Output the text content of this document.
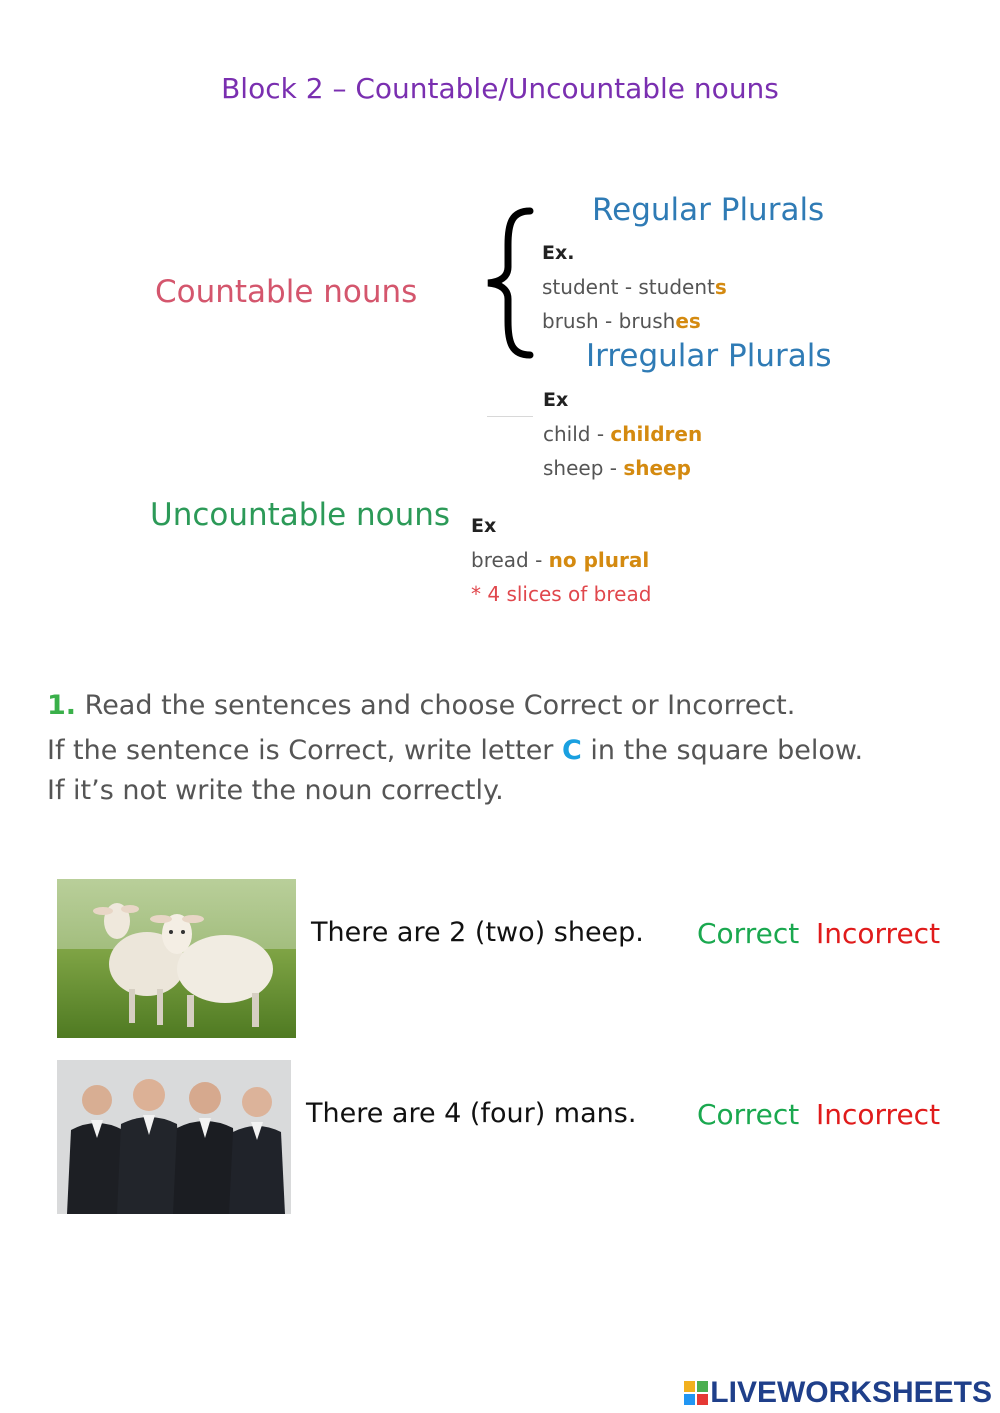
Block 2 – Countable/Uncountable nouns
Countable nouns
Regular Plurals
Ex.
student - students
brush - brushes
Irregular Plurals
Ex
child - children
sheep - sheep
Uncountable nouns Ex
bread - no plural
* 4 slices of bread
1. Read the sentences and choose Correct or Incorrect.
If the sentence is Correct, write letter C in the square below.
If it’s not write the noun correctly.
There are 2 (two) sheep. Correct Incorrect
There are 4 (four) mans. Correct Incorrect
LIVEWORKSHEETS
